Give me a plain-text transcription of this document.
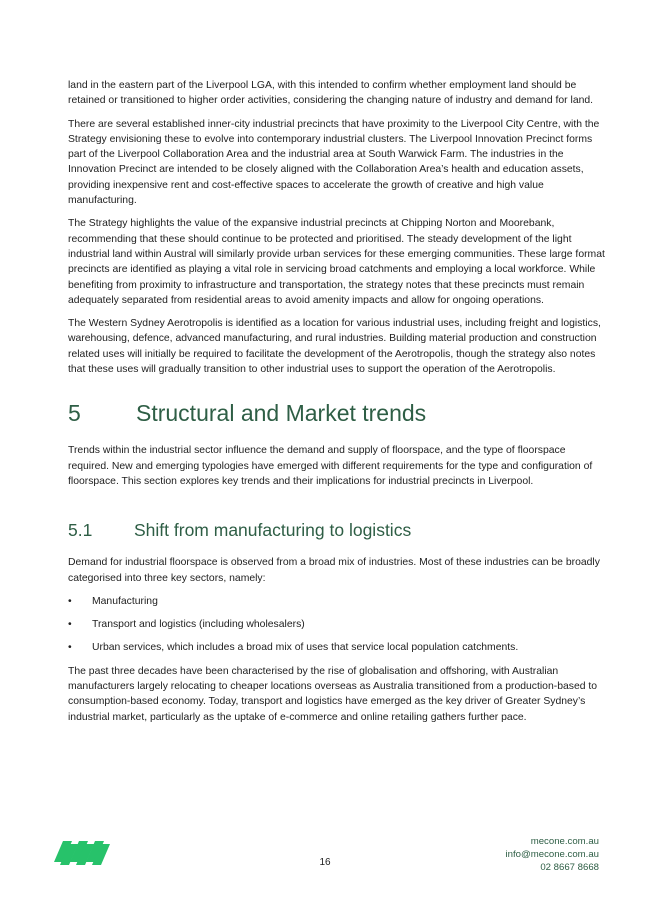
land in the eastern part of the Liverpool LGA, with this intended to confirm whether employment land should be retained or transitioned to higher order activities, considering the changing nature of industry and demand for land.

There are several established inner-city industrial precincts that have proximity to the Liverpool City Centre, with the Strategy envisioning these to evolve into contemporary industrial clusters. The Liverpool Innovation Precinct forms part of the Liverpool Collaboration Area and the industrial area at South Warwick Farm. The industries in the Innovation Precinct are intended to be closely aligned with the Collaboration Area’s health and education assets, providing inexpensive rent and cost-effective spaces to accelerate the growth of creative and high value manufacturing.

The Strategy highlights the value of the expansive industrial precincts at Chipping Norton and Moorebank, recommending that these should continue to be protected and prioritised. The steady development of the light industrial land within Austral will similarly provide urban services for these emerging communities. These large format precincts are identified as playing a vital role in servicing broad catchments and employing a local workforce. While benefiting from proximity to infrastructure and transportation, the strategy notes that these precincts must remain adequately separated from residential areas to avoid amenity impacts and allow for ongoing operations.

The Western Sydney Aerotropolis is identified as a location for various industrial uses, including freight and logistics, warehousing, defence, advanced manufacturing, and rural industries. Building material production and construction related uses will initially be required to facilitate the development of the Aerotropolis, though the strategy also notes that these uses will gradually transition to other industrial uses to support the operation of the Aerotropolis.

5	Structural and Market trends

Trends within the industrial sector influence the demand and supply of floorspace, and the type of floorspace required. New and emerging typologies have emerged with different requirements for the type and configuration of floorspace. This section explores key trends and their implications for industrial precincts in Liverpool.

5.1	Shift from manufacturing to logistics

Demand for industrial floorspace is observed from a broad mix of industries. Most of these industries can be broadly categorised into three key sectors, namely:

•	Manufacturing
•	Transport and logistics (including wholesalers)
•	Urban services, which includes a broad mix of uses that service local population catchments.

The past three decades have been characterised by the rise of globalisation and offshoring, with Australian manufacturers largely relocating to cheaper locations overseas as Australia transitioned from a production-based to consumption-based economy. Today, transport and logistics have emerged as the key driver of Greater Sydney’s industrial market, particularly as the uptake of e-commerce and online retailing gathers further pace.

16
mecone.com.au
info@mecone.com.au
02 8667 8668
